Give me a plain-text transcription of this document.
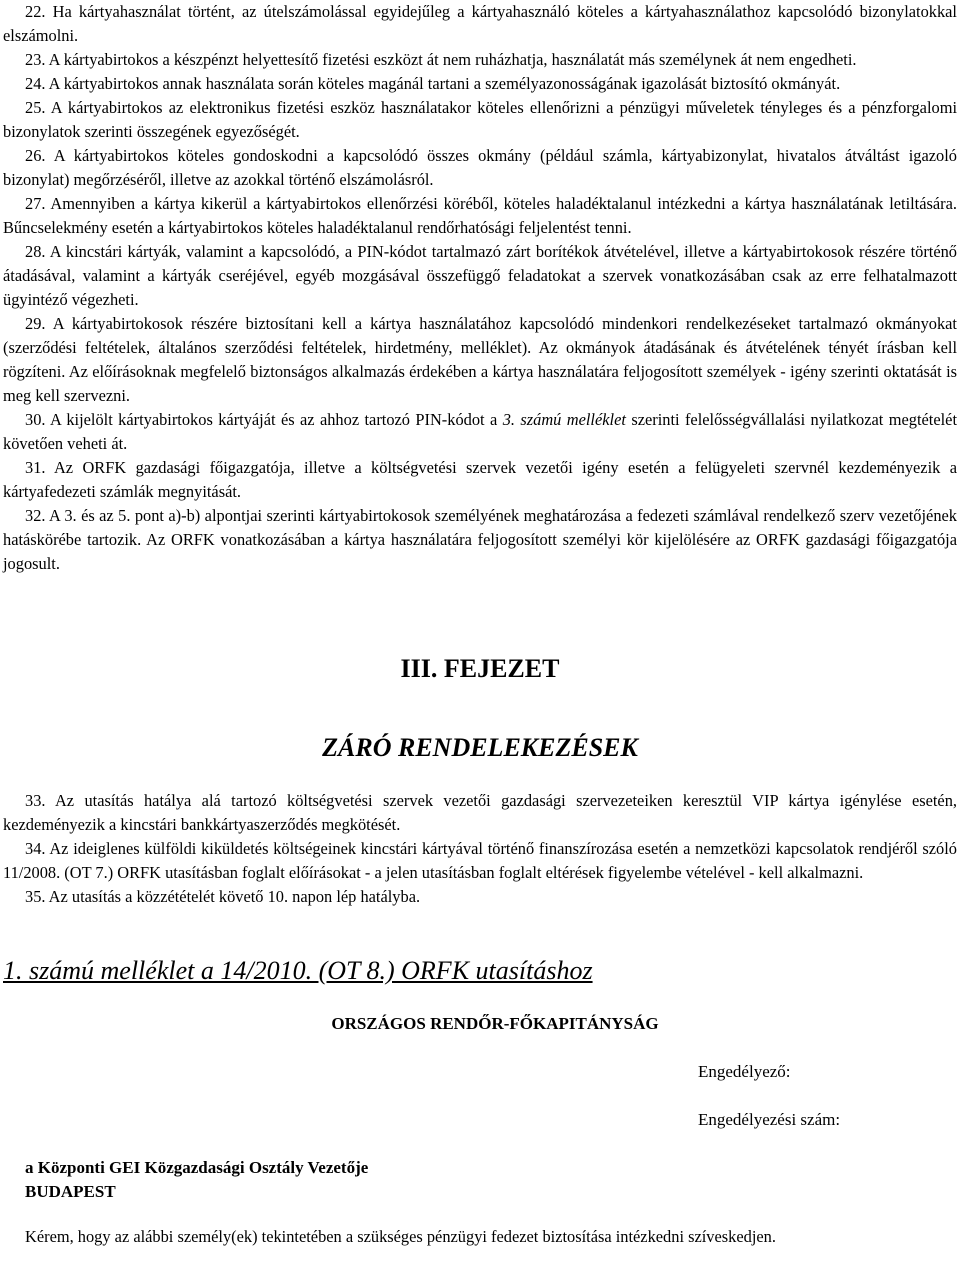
22. Ha kártyahasználat történt, az útelszámolással egyidejűleg a kártyahasználó köteles a kártyahasználathoz kapcsolódó bizonylatokkal elszámolni.

23. A kártyabirtokos a készpénzt helyettesítő fizetési eszközt át nem ruházhatja, használatát más személynek át nem engedheti.

24. A kártyabirtokos annak használata során köteles magánál tartani a személyazonosságának igazolását biztosító okmányát.

25. A kártyabirtokos az elektronikus fizetési eszköz használatakor köteles ellenőrizni a pénzügyi műveletek tényleges és a pénzforgalomi bizonylatok szerinti összegének egyezőségét.

26. A kártyabirtokos köteles gondoskodni a kapcsolódó összes okmány (például számla, kártyabizonylat, hivatalos átváltást igazoló bizonylat) megőrzéséről, illetve az azokkal történő elszámolásról.

27. Amennyiben a kártya kikerül a kártyabirtokos ellenőrzési köréből, köteles haladéktalanul intézkedni a kártya használatának letiltására. Bűncselekmény esetén a kártyabirtokos köteles haladéktalanul rendőrhatósági feljelentést tenni.

28. A kincstári kártyák, valamint a kapcsolódó, a PIN-kódot tartalmazó zárt borítékok átvételével, illetve a kártyabirtokosok részére történő átadásával, valamint a kártyák cseréjével, egyéb mozgásával összefüggő feladatokat a szervek vonatkozásában csak az erre felhatalmazott ügyintéző végezheti.

29. A kártyabirtokosok részére biztosítani kell a kártya használatához kapcsolódó mindenkori rendelkezéseket tartalmazó okmányokat (szerződési feltételek, általános szerződési feltételek, hirdetmény, melléklet). Az okmányok átadásának és átvételének tényét írásban kell rögzíteni. Az előírásoknak megfelelő biztonságos alkalmazás érdekében a kártya használatára feljogosított személyek - igény szerinti oktatását is meg kell szervezni.

30. A kijelölt kártyabirtokos kártyáját és az ahhoz tartozó PIN-kódot a 3. számú melléklet szerinti felelősségvállalási nyilatkozat megtételét követően veheti át.

31. Az ORFK gazdasági főigazgatója, illetve a költségvetési szervek vezetői igény esetén a felügyeleti szervnél kezdeményezik a kártyafedezeti számlák megnyitását.

32. A 3. és az 5. pont a)-b) alpontjai szerinti kártyabirtokosok személyének meghatározása a fedezeti számlával rendelkező szerv vezetőjének hatáskörébe tartozik. Az ORFK vonatkozásában a kártya használatára feljogosított személyi kör kijelölésére az ORFK gazdasági főigazgatója jogosult.

III. FEJEZET
ZÁRÓ RENDELEKEZÉSEK

33. Az utasítás hatálya alá tartozó költségvetési szervek vezetői gazdasági szervezeteiken keresztül VIP kártya igénylése esetén, kezdeményezik a kincstári bankkártyaszerződés megkötését.

34. Az ideiglenes külföldi kiküldetés költségeinek kincstári kártyával történő finanszírozása esetén a nemzetközi kapcsolatok rendjéről szóló 11/2008. (OT 7.) ORFK utasításban foglalt előírásokat - a jelen utasításban foglalt eltérések figyelembe vételével - kell alkalmazni.

35. Az utasítás a közzétételét követő 10. napon lép hatályba.

1. számú melléklet a 14/2010. (OT 8.) ORFK utasításhoz
ORSZÁGOS RENDŐR-FŐKAPITÁNYSÁG
Engedélyező:
Engedélyezési szám:

a Központi GEI Közgazdasági Osztály Vezetője

BUDAPEST

Kérem, hogy az alábbi személy(ek) tekintetében a szükséges pénzügyi fedezet biztosítása intézkedni szíveskedjen.
